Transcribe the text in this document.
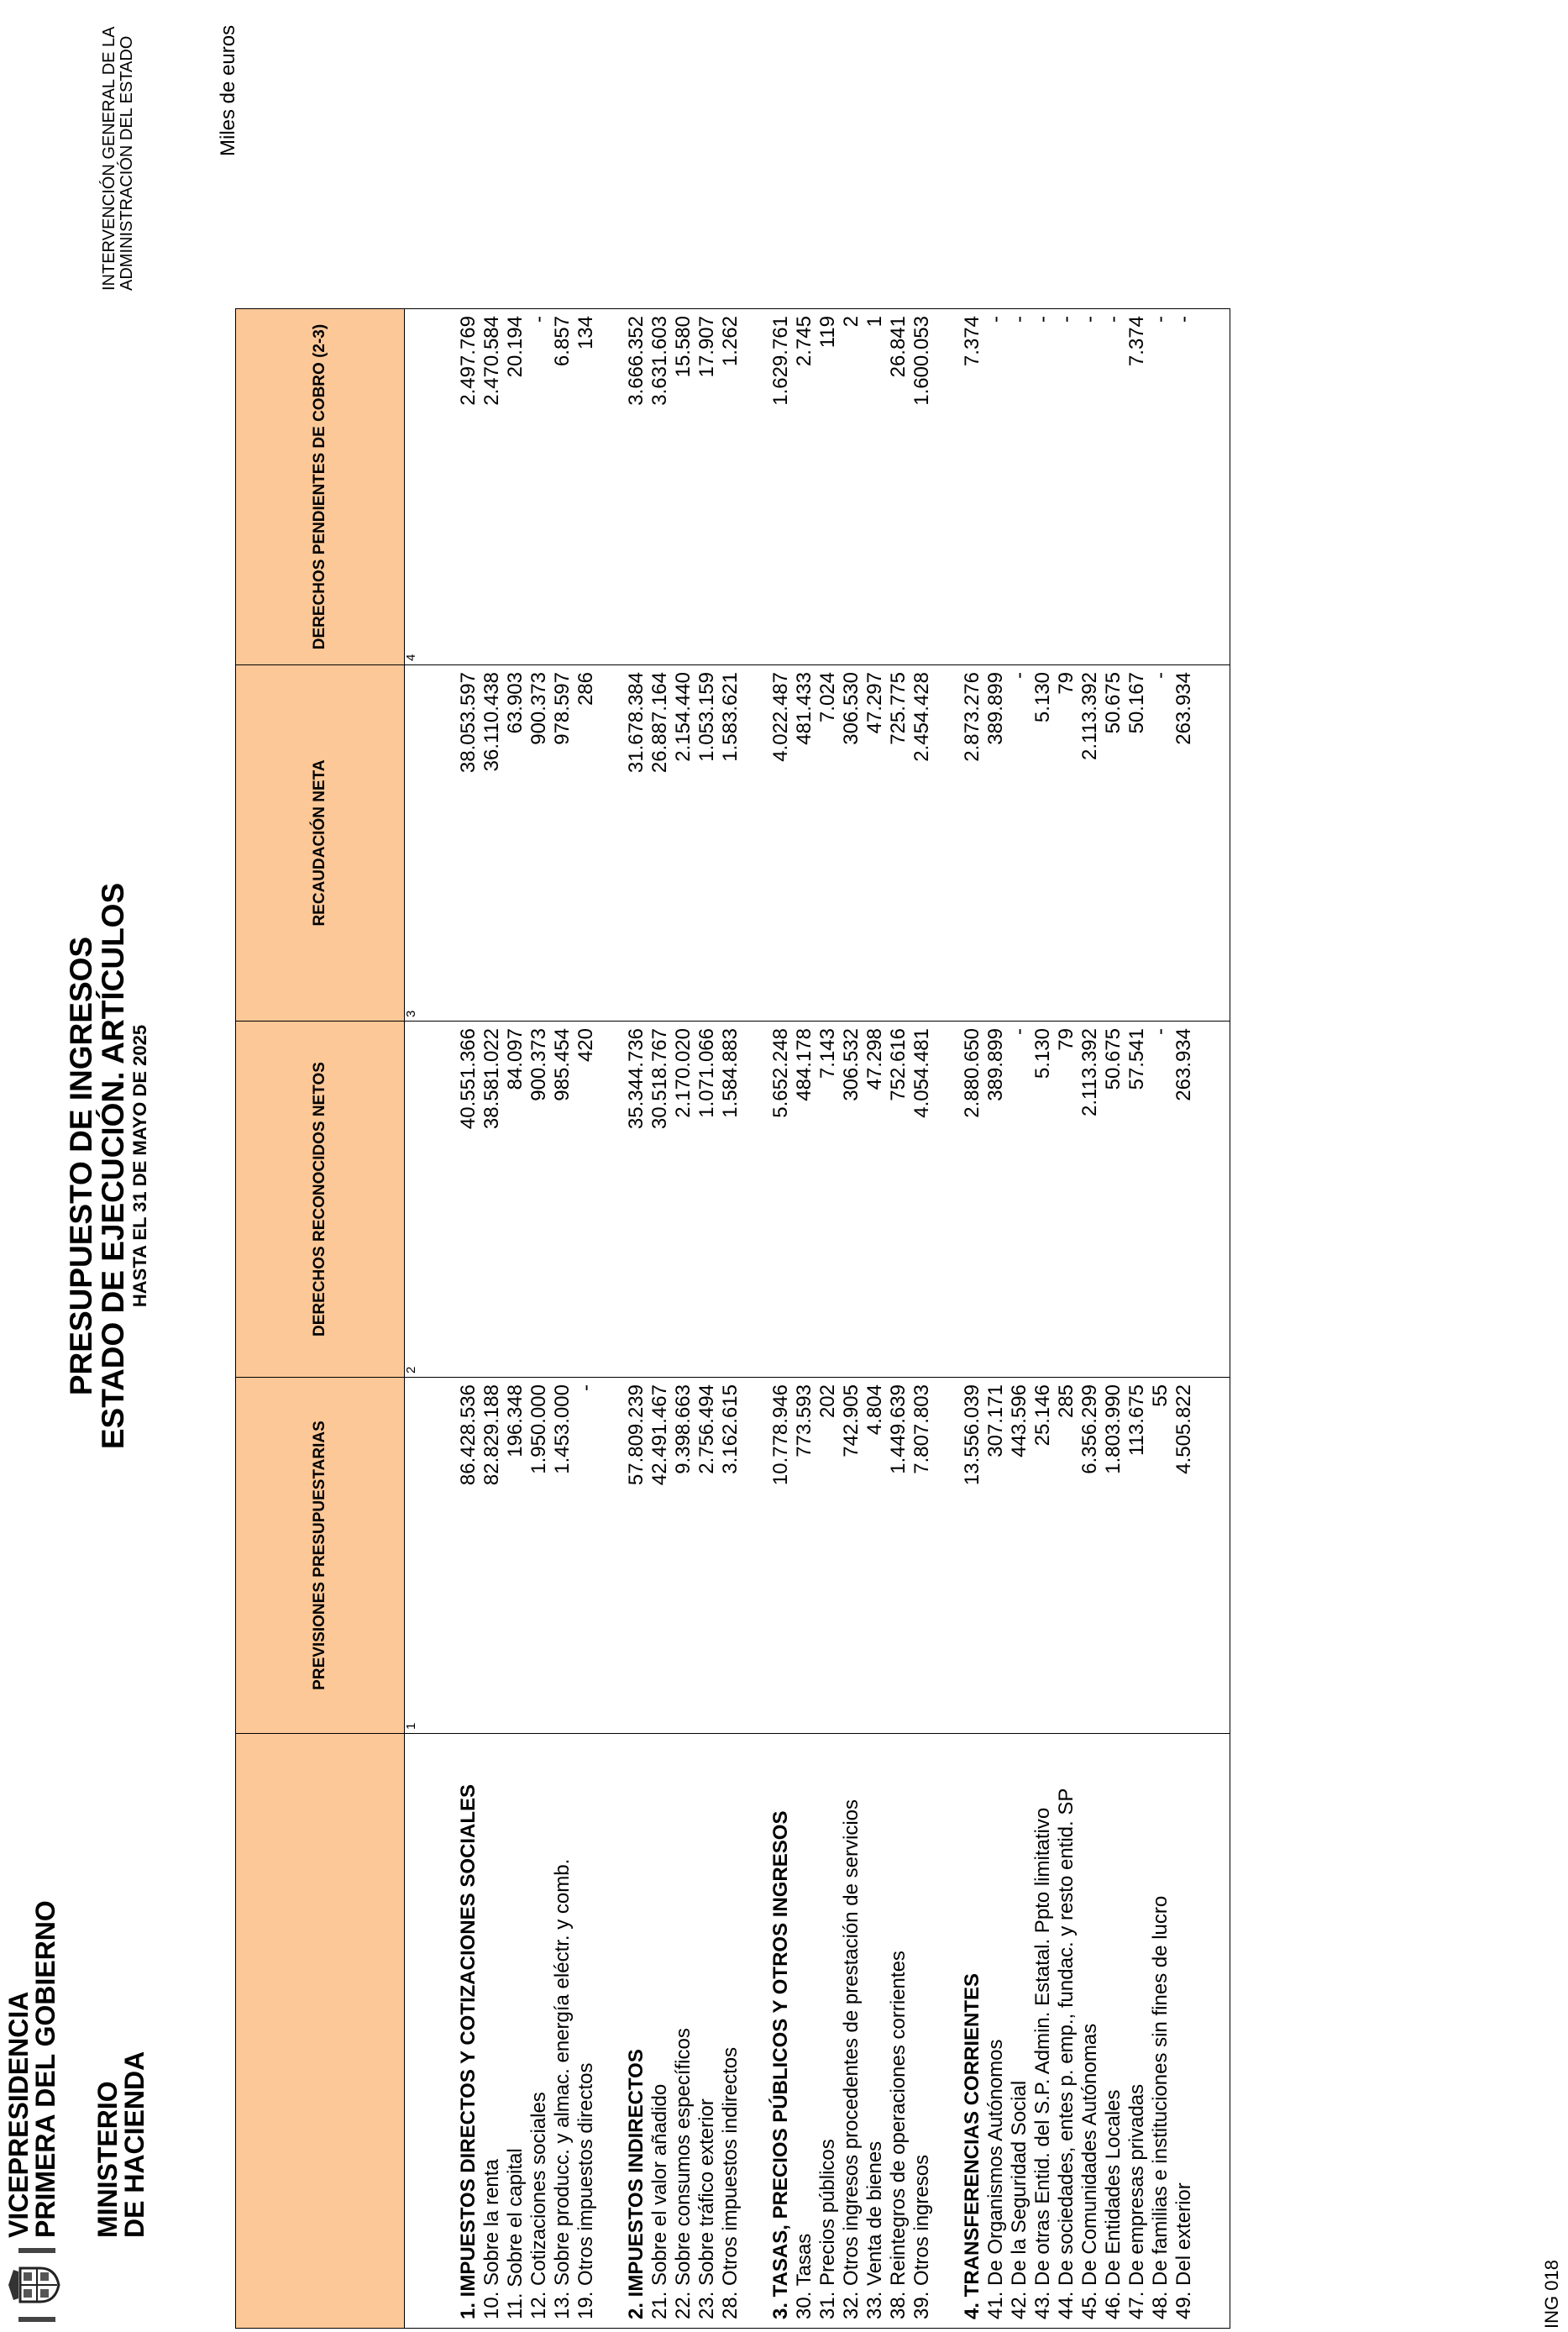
VICEPRESIDENCIA
PRIMERA DEL GOBIERNO MINISTERIO
DE HACIENDA
PRESUPUESTO DE INGRESOS
ESTADO DE EJECUCIÓN. ARTÍCULOS HASTA EL 31 DE MAYO DE 2025
INTERVENCIÓN GENERAL DE LA ADMINISTRACIÓN DEL ESTADO	Miles de euros
	PREVISIONES PRESUPUESTARIAS	DERECHOS RECONOCIDOS NETOS	RECAUDACIÓN NETA	DERECHOS PENDIENTES DE COBRO (2-3)
	1	2	3	4

1. IMPUESTOS DIRECTOS Y COTIZACIONES SOCIALES	86.428.536	40.551.366	38.053.597	2.497.769
10. Sobre la renta	82.829.188	38.581.022	36.110.438	2.470.584
11. Sobre el capital	196.348	84.097	63.903	20.194
12. Cotizaciones sociales	1.950.000	900.373	900.373	-
13. Sobre producc. y almac. energía eléctr. y comb.	1.453.000	985.454	978.597	6.857
19. Otros impuestos directos	-	420	286	134

2. IMPUESTOS INDIRECTOS	57.809.239	35.344.736	31.678.384	3.666.352
21. Sobre el valor añadido	42.491.467	30.518.767	26.887.164	3.631.603
22. Sobre consumos específicos	9.398.663	2.170.020	2.154.440	15.580
23. Sobre tráfico exterior	2.756.494	1.071.066	1.053.159	17.907
28. Otros impuestos indirectos	3.162.615	1.584.883	1.583.621	1.262

3. TASAS, PRECIOS PÚBLICOS Y OTROS INGRESOS	10.778.946	5.652.248	4.022.487	1.629.761
30. Tasas	773.593	484.178	481.433	2.745
31. Precios públicos	202	7.143	7.024	119
32. Otros ingresos procedentes de prestación de servicios	742.905	306.532	306.530	2
33. Venta de bienes	4.804	47.298	47.297	1
38. Reintegros de operaciones corrientes	1.449.639	752.616	725.775	26.841
39. Otros ingresos	7.807.803	4.054.481	2.454.428	1.600.053

4. TRANSFERENCIAS CORRIENTES	13.556.039	2.880.650	2.873.276	7.374
41. De Organismos Autónomos	307.171	389.899	389.899	-
42. De la Seguridad Social	443.596	-	-	-
43. De otras Entid. del S.P. Admin. Estatal. Ppto limitativo	25.146	5.130	5.130	-
44. De sociedades, entes p. emp., fundac. y resto entid. SP	285	79	79	-
45. De Comunidades Autónomas	6.356.299	2.113.392	2.113.392	-
46. De Entidades Locales	1.803.990	50.675	50.675	-
47. De empresas privadas	113.675	57.541	50.167	7.374
48. De familias e instituciones sin fines de lucro	55	-	-	-
49. Del exterior	4.505.822	263.934	263.934	-

ING 018
